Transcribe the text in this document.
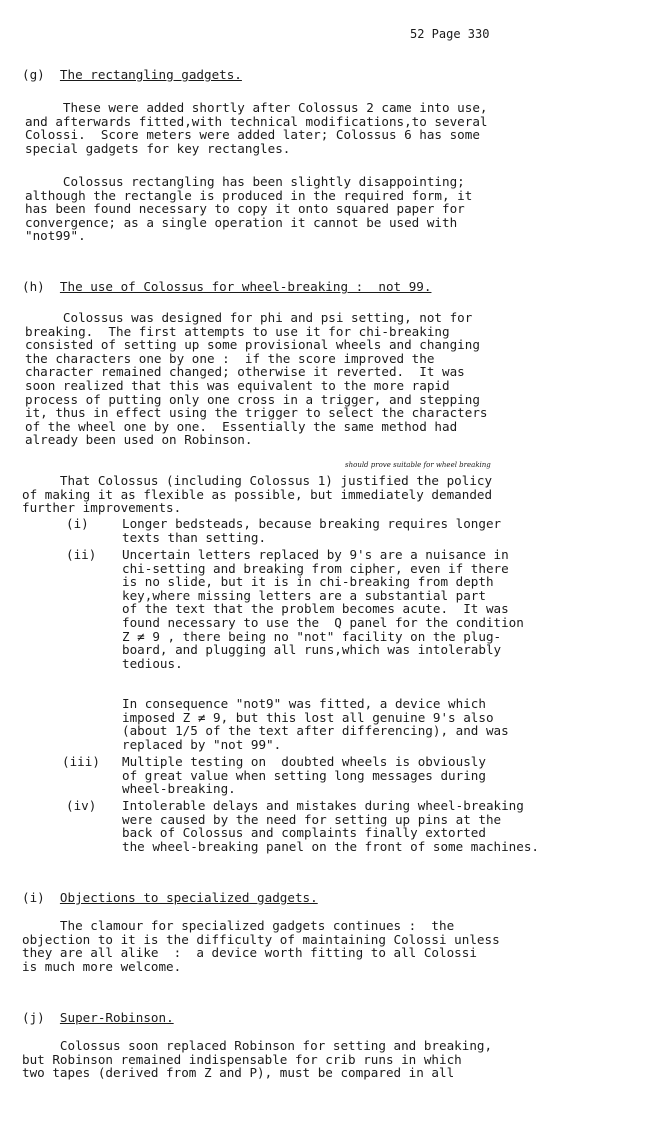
52 Page 330
(g) The rectangling gadgets.
These were added shortly after Colossus 2 came into use,
and afterwards fitted,with technical modifications,to several
Colossi.  Score meters were added later; Colossus 6 has some
special gadgets for key rectangles.
Colossus rectangling has been slightly disappointing;
although the rectangle is produced in the required form, it
has been found necessary to copy it onto squared paper for
convergence; as a single operation it cannot be used with
"not99".
(h) The use of Colossus for wheel-breaking :  not 99.
Colossus was designed for phi and psi setting, not for
breaking.  The first attempts to use it for chi-breaking
consisted of setting up some provisional wheels and changing
the characters one by one :  if the score improved the
character remained changed; otherwise it reverted.  It was
soon realized that this was equivalent to the more rapid
process of putting only one cross in a trigger, and stepping
it, thus in effect using the trigger to select the characters
of the wheel one by one.  Essentially the same method had
already been used on Robinson.
should prove suitable for wheel breaking
That Colossus (including Colossus 1) justified the policy
of making it as flexible as possible, but immediately demanded
further improvements.
(i)	Longer bedsteads, because breaking requires longer
texts than setting.
(ii) Uncertain letters replaced by 9's are a nuisance in
chi-setting and breaking from cipher, even if there
is no slide, but it is in chi-breaking from depth
key,where missing letters are a substantial part
of the text that the problem becomes acute.  It was
found necessary to use the  Q panel for the condition
Z ≠ 9 , there being no "not" facility on the plug-
board, and plugging all runs,which was intolerably
tedious.
In consequence "not9" was fitted, a device which
imposed Z ≠ 9, but this lost all genuine 9's also
(about 1/5 of the text after differencing), and was
replaced by "not 99".
(iii) Multiple testing on  doubted wheels is obviously
of great value when setting long messages during
wheel-breaking.
(iv) Intolerable delays and mistakes during wheel-breaking
were caused by the need for setting up pins at the
back of Colossus and complaints finally extorted
the wheel-breaking panel on the front of some machines.
(i) Objections to specialized gadgets.
The clamour for specialized gadgets continues :  the
objection to it is the difficulty of maintaining Colossi unless
they are all alike  :  a device worth fitting to all Colossi
is much more welcome.
(j) Super-Robinson.
Colossus soon replaced Robinson for setting and breaking,
but Robinson remained indispensable for crib runs in which
two tapes (derived from Z and P), must be compared in all
